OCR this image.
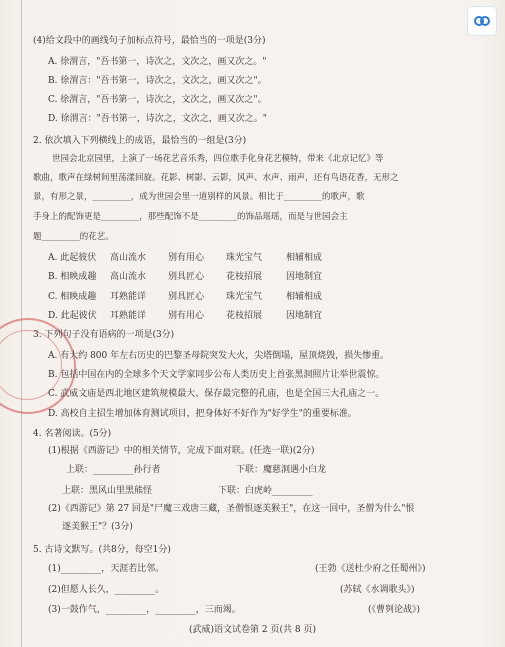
(4)给文段中的画线句子加标点符号，最恰当的一项是(3分)
A. 徐渭言，"吾书第一，诗次之，文次之，画又次之。"
B. 徐渭言："吾书第一，诗次之，文次之，画又次之"。
C. 徐渭言，"吾书第一，诗次之，文次之，画又次之"。
D. 徐渭言："吾书第一，诗次之，文次之，画又次之。"
2. 依次填入下列横线上的成语，最恰当的一组是(3分)
世园会北京园里，上演了一场花艺音乐秀，四位歌手化身花艺模特，带来《北京记忆》等
歌曲，歌声在绿树间里荡漾回旋。花影、树影、云影，风声、水声、雨声，还有鸟语花香，无形之
景，有形之景，_________，成为世园会里一道别样的风景。相比于_________的歌声，歌
手身上的配饰更是_________，那些配饰不是_________的饰品瑶瑶，而是与世园会主
题_________的花艺。
A. 此起彼伏 高山流水 别有用心 珠光宝气	相辅相成
B. 相映成趣 高山流水 别具匠心 花枝招展	因地制宜
C. 相映成趣 耳熟能详 别具匠心 珠光宝气	相辅相成
D. 此起彼伏 耳熟能详 别有用心 花枝招展	因地制宜
3. 下列句子没有语病的一项是(3分)
A. 有大约 800 年左右历史的巴黎圣母院突发大火，尖塔倒塌，屋顶烧毁，损失惨重。
B. 包括中国在内的全球多个天文学家同步公布人类历史上首张黑洞照片让举世震惊。
C. 武威文庙是西北地区建筑规模最大、保存最完整的孔庙，也是全国三大孔庙之一。
D. 高校自主招生增加体育测试项目，把身体好不好作为"好学生"的重要标准。
4. 名著阅读。(5分)
(1)根据《西游记》中的相关情节，完成下面对联。(任选一联)(2分)
上联：_________孙行者	下联：魔慈洞遇小白龙
上联：黑风山里黑熊怪	下联：白虎岭_________
(2)《西游记》第 27 回是"尸魔三戏唐三藏，圣僧恨逐美猴王"，在这一回中，圣僧为什么"恨
逐美猴王"？(3分)
5. 古诗文默写。(共8分，每空1分)
(1)_________，天涯若比邻。	(王勃《送杜少府之任蜀州》)
(2)但愿人长久，_________。	(苏轼《水调歌头》)
(3)一鼓作气，_________，_________，三而竭。	(《曹刿论战》)
(武威)语文试卷第 2 页(共 8 页)
